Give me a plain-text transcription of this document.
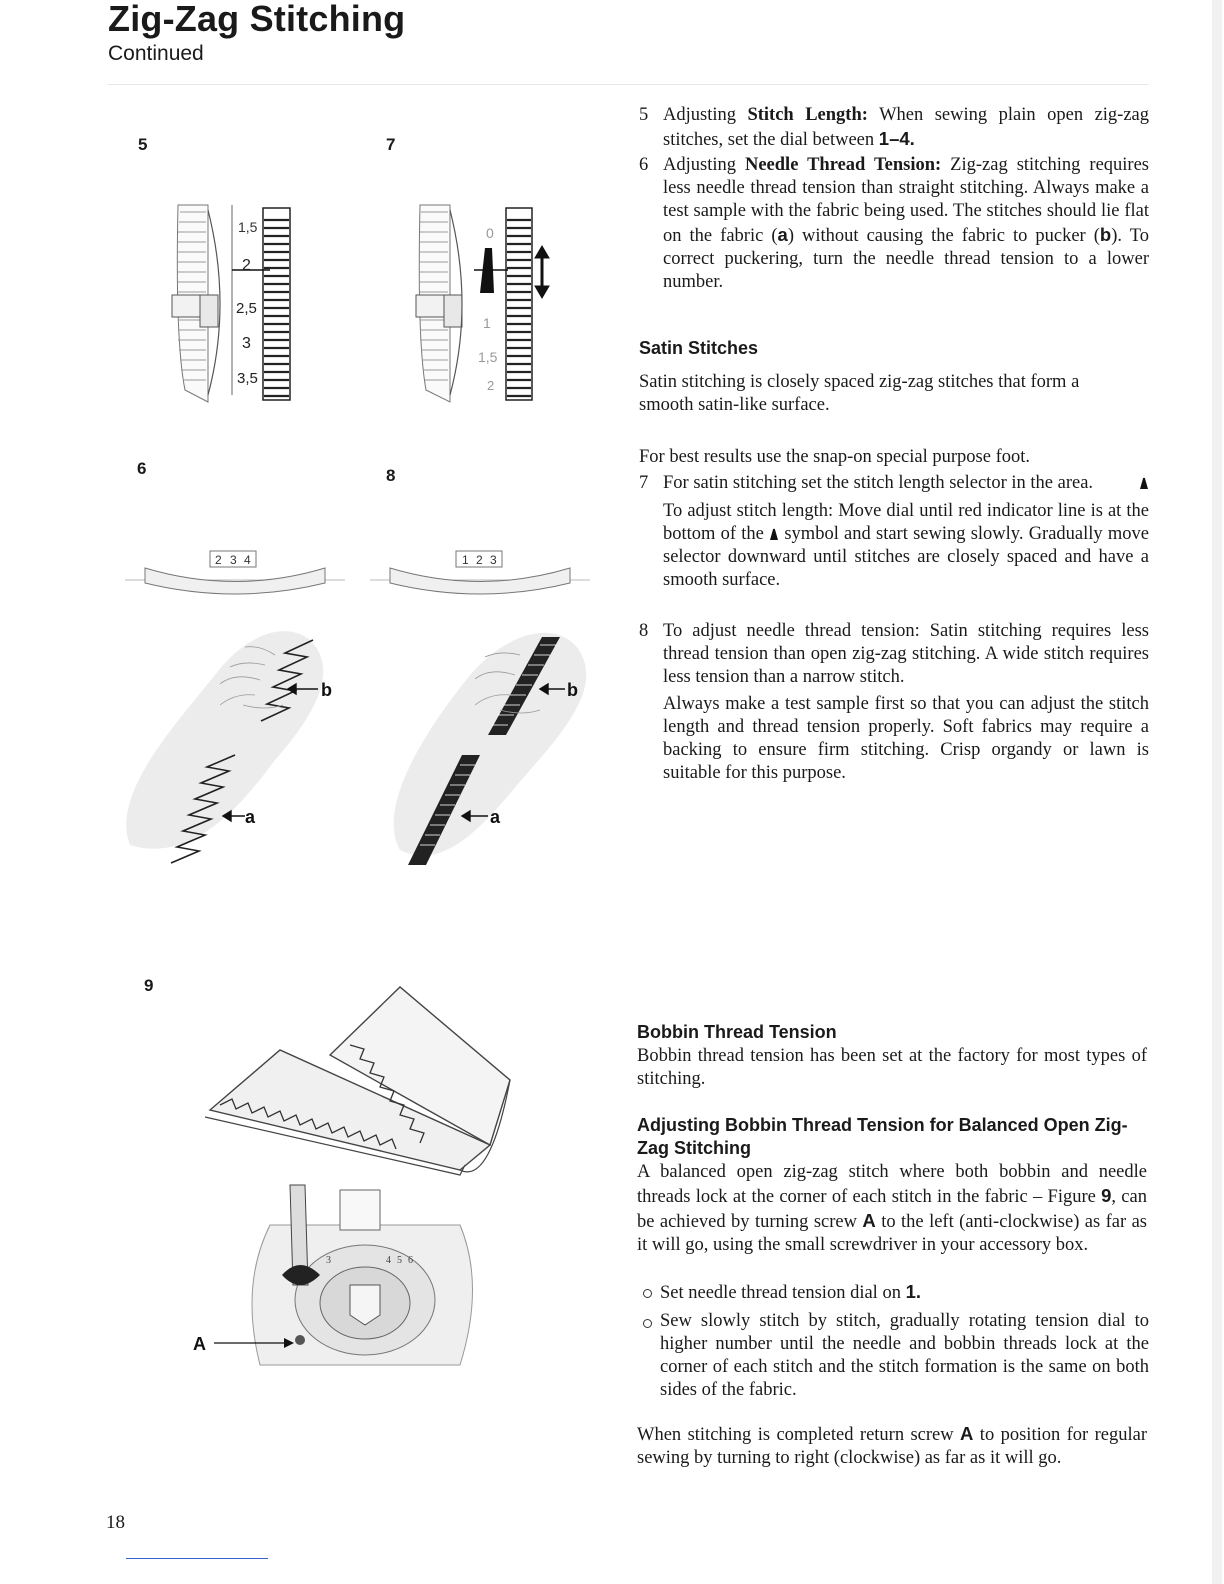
Zig-Zag Stitching
Continued
5	7
6	8
9
1,5
2
2,5
3
3,5
0
1
1,5
2
2 3 4
b
a
1 2 3
b
a
3	4 5 6
A
5 Adjusting Stitch Length: When sewing plain open zig-zag stitches, set the dial between 1–4.
6 Adjusting Needle Thread Tension: Zig-zag stitching requires less needle thread tension than straight stitching. Always make a test sample with the fabric being used. The stitches should lie flat on the fabric (a) without causing the fabric to pucker (b). To correct puckering, turn the needle thread tension to a lower number.
Satin Stitches
Satin stitching is closely spaced zig-zag stitches that form a smooth satin-like surface.
For best results use the snap-on special purpose foot.
7 For satin stitching set the stitch length selector in the
area.
To adjust stitch length: Move dial until red indicator line is at the bottom of the  symbol and start sewing slowly. Gradually move selector downward until stitches are closely spaced and have a smooth surface.
8 To adjust needle thread tension: Satin stitching requires less thread tension than open zig-zag stitching. A wide stitch requires less tension than a narrow stitch.
Always make a test sample first so that you can adjust the stitch length and thread tension properly. Soft fabrics may require a backing to ensure firm stitching. Crisp organdy or lawn is suitable for this purpose.
Bobbin Thread Tension
Bobbin thread tension has been set at the factory for most types of stitching.
Adjusting Bobbin Thread Tension for Balanced Open Zig-Zag Stitching
A balanced open zig-zag stitch where both bobbin and needle threads lock at the corner of each stitch in the fabric – Figure 9, can be achieved by turning screw A to the left (anti-clockwise) as far as it will go, using the small screwdriver in your accessory box.
Set needle thread tension dial on 1.
Sew slowly stitch by stitch, gradually rotating tension dial to higher number until the needle and bobbin threads lock at the corner of each stitch and the stitch formation is the same on both sides of the fabric.
When stitching is completed return screw A to position for regular sewing by turning to right (clockwise) as far as it will go.
18
